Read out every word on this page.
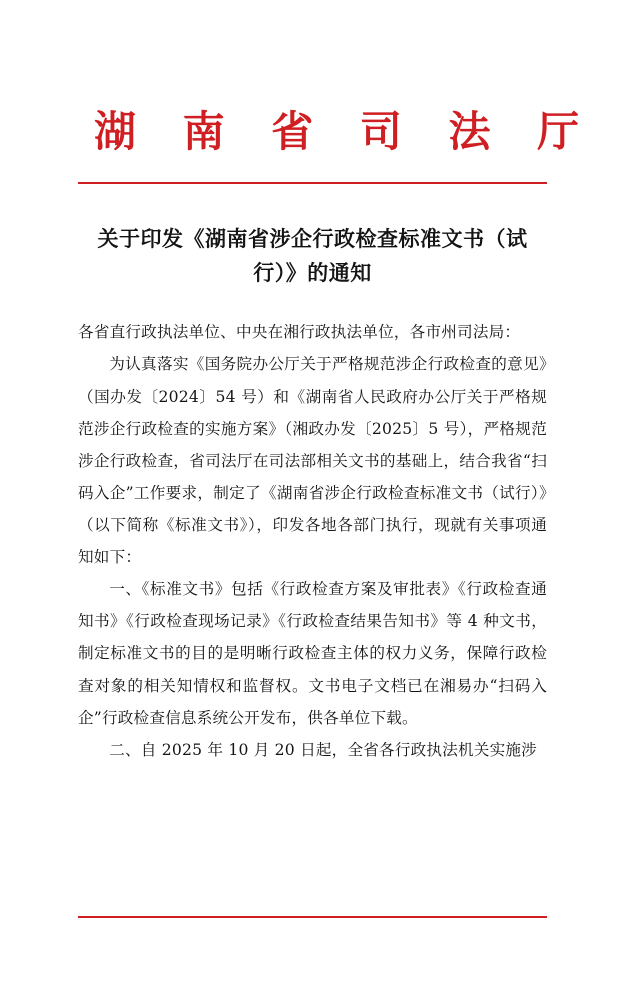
湖 南 省 司 法 厅
关于印发《湖南省涉企行政检查标准文书（试行）》的通知

各省直行政执法单位、中央在湘行政执法单位，各市州司法局：

为认真落实《国务院办公厅关于严格规范涉企行政检查的意见》（国办发〔2024〕54 号）和《湖南省人民政府办公厅关于严格规范涉企行政检查的实施方案》（湘政办发〔2025〕5 号），严格规范涉企行政检查，省司法厅在司法部相关文书的基础上，结合我省“扫码入企”工作要求，制定了《湖南省涉企行政检查标准文书（试行）》（以下简称《标准文书》），印发各地各部门执行，现就有关事项通知如下：

一、《标准文书》包括《行政检查方案及审批表》《行政检查通知书》《行政检查现场记录》《行政检查结果告知书》等 4 种文书，制定标准文书的目的是明晰行政检查主体的权力义务，保障行政检查对象的相关知情权和监督权。文书电子文档已在湘易办“扫码入企”行政检查信息系统公开发布，供各单位下载。

二、自 2025 年 10 月 20 日起，全省各行政执法机关实施涉
